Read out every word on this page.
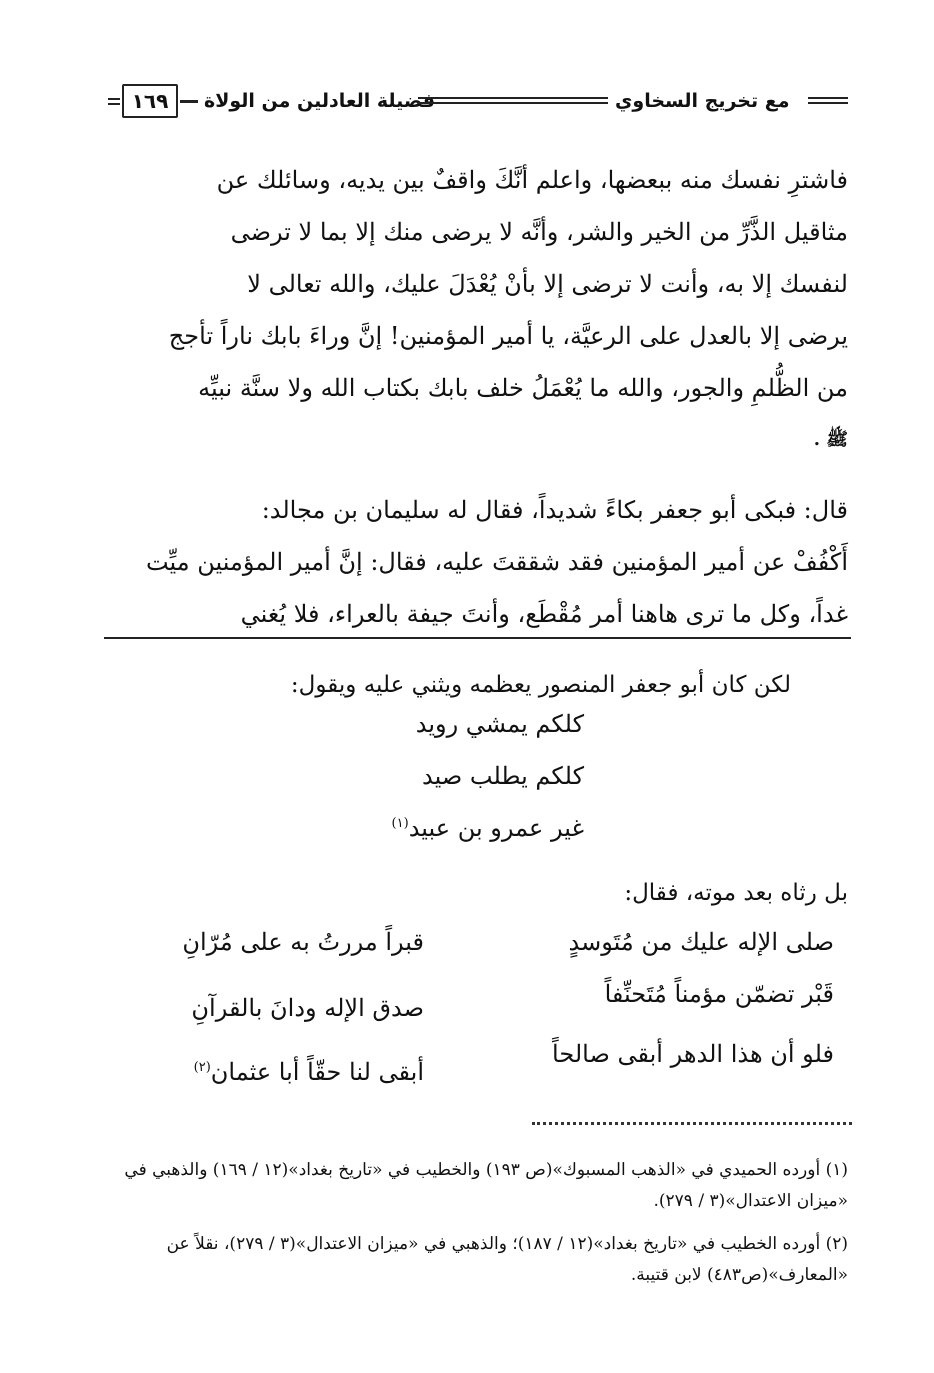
١٦٩	فضيلة العادلين من الولاة	مع تخريج السخاوي

فاشترِ نفسك منه ببعضها، واعلم أنَّكَ واقفٌ بين يديه، وسائلك عن

مثاقيل الذَّرِّ من الخير والشر، وأنَّه لا يرضى منك إلا بما لا ترضى

لنفسك إلا به، وأنت لا ترضى إلا بأنْ يُعْدَلَ عليك، والله تعالى لا

يرضى إلا بالعدل على الرعيَّة، يا أمير المؤمنين! إنَّ وراءَ بابك ناراً تأجج

من الظُّلمِ والجور، والله ما يُعْمَلُ خلف بابك بكتاب الله ولا سنَّة نبيِّه

ﷺ .

قال: فبكى أبو جعفر بكاءً شديداً، فقال له سليمان بن مجالد:

أَكْفُفْ عن أمير المؤمنين فقد شققتَ عليه، فقال: إنَّ أمير المؤمنين ميِّت

غداً، وكل ما ترى هاهنا أمر مُقْطَع، وأنتَ جيفة بالعراء، فلا يُغني

لكن كان أبو جعفر المنصور يعظمه ويثني عليه ويقول:
كلكم يمشي رويد
كلكم يطلب صيد
غير عمرو بن عبيد$^{(١)}$
بل رثاه بعد موته، فقال:
صلى الإله عليك من مُتَوسدٍ
قبراً مررتُ به على مُرّانِ
قَبْر تضمّن مؤمناً مُتَحنِّفاً
صدق الإله ودانَ بالقرآنِ
فلو أن هذا الدهر أبقى صالحاً
أبقى لنا حقّاً أبا عثمان$^{(٢)}$

(١) أورده الحميدي في «الذهب المسبوك»(ص ١٩٣) والخطيب في «تاريخ بغداد»(١٢ / ١٦٩) والذهبي في «ميزان الاعتدال»(٣ / ٢٧٩).

(٢) أورده الخطيب في «تاريخ بغداد»(١٢ / ١٨٧)؛ والذهبي في «ميزان الاعتدال»(٣ / ٢٧٩)، نقلاً عن «المعارف»(ص٤٨٣) لابن قتيبة.
